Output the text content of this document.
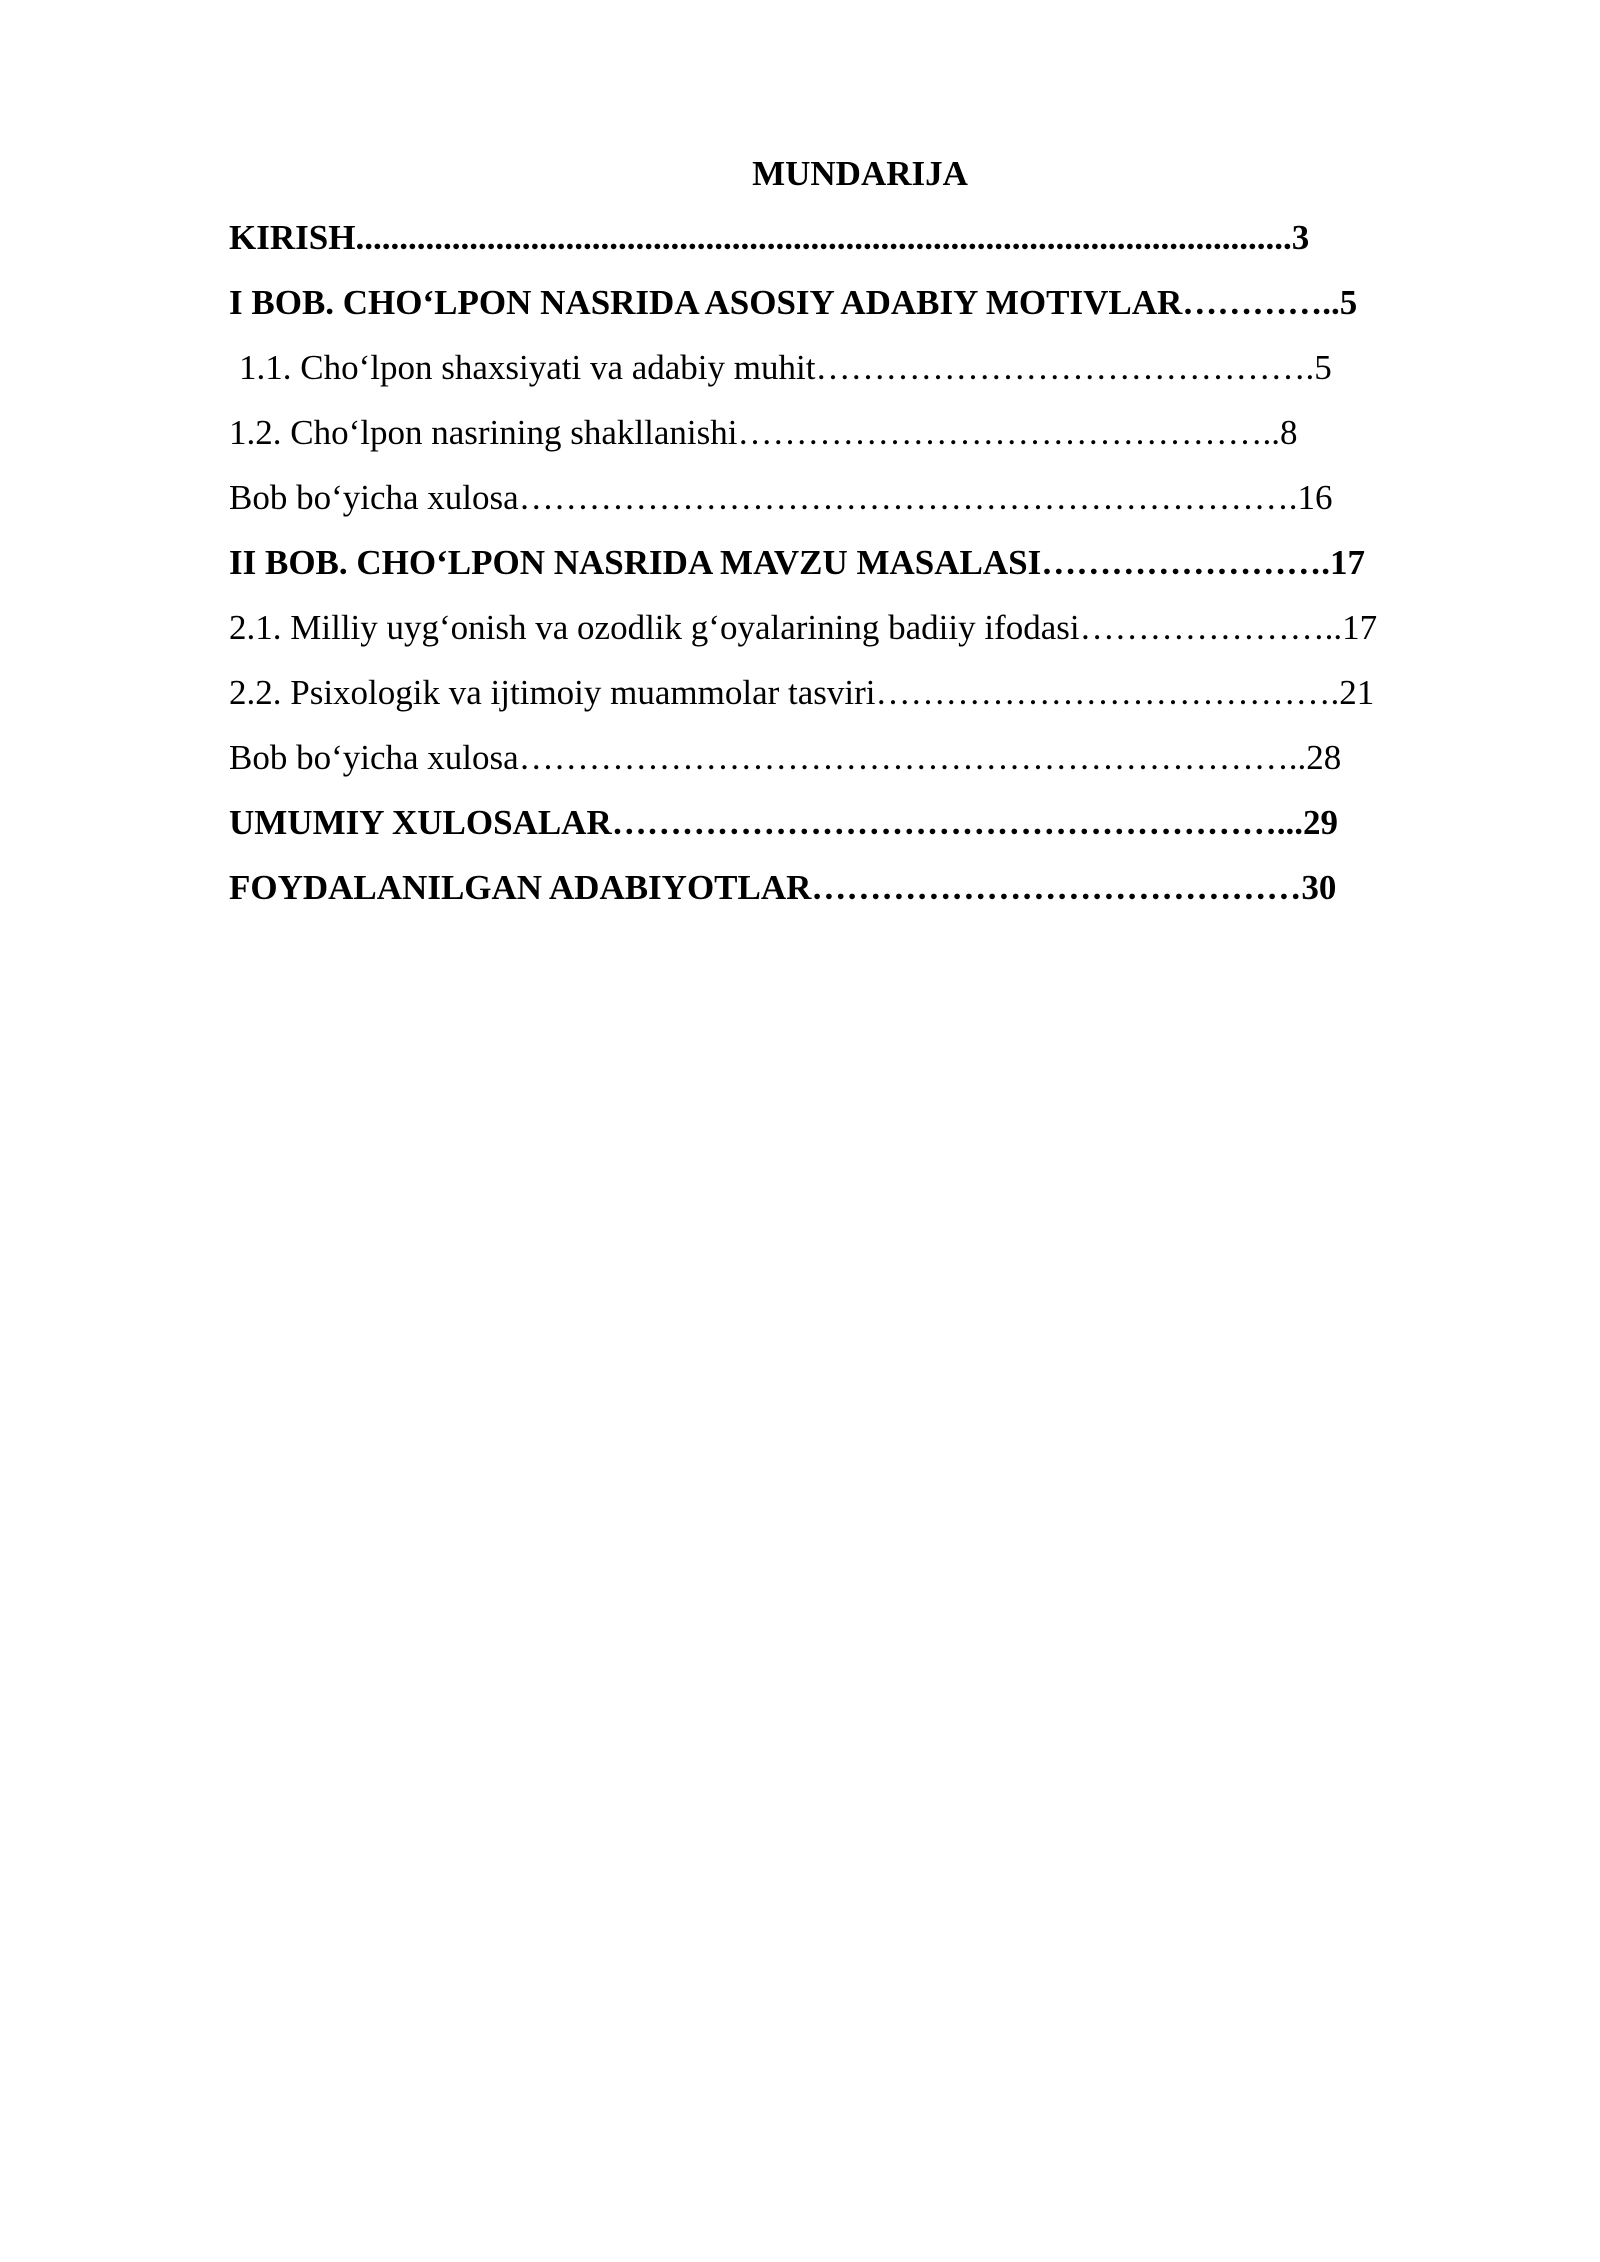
MUNDARIJA
KIRISH...........................................................................................................3
I BOB. CHO‘LPON NASRIDA ASOSIY ADABIY MOTIVLAR…………..5
1.1. Cho‘lpon shaxsiyati va adabiy muhit…………………………………….5
1.2. Cho‘lpon nasrining shakllanishi………………………………………..8
Bob bo‘yicha xulosa………………………………………………………….16
II BOB. CHO‘LPON NASRIDA MAVZU MASALASI…………………….17
2.1. Milliy uyg‘onish va ozodlik g‘oyalarining badiiy ifodasi…………………..17
2.2. Psixologik va ijtimoiy muammolar tasviri………………………………….21
Bob bo‘yicha xulosa…………………………………………………………..28
UMUMIY XULOSALAR…………………………………………………...29
FOYDALANILGAN ADABIYOTLAR……………………………………30
